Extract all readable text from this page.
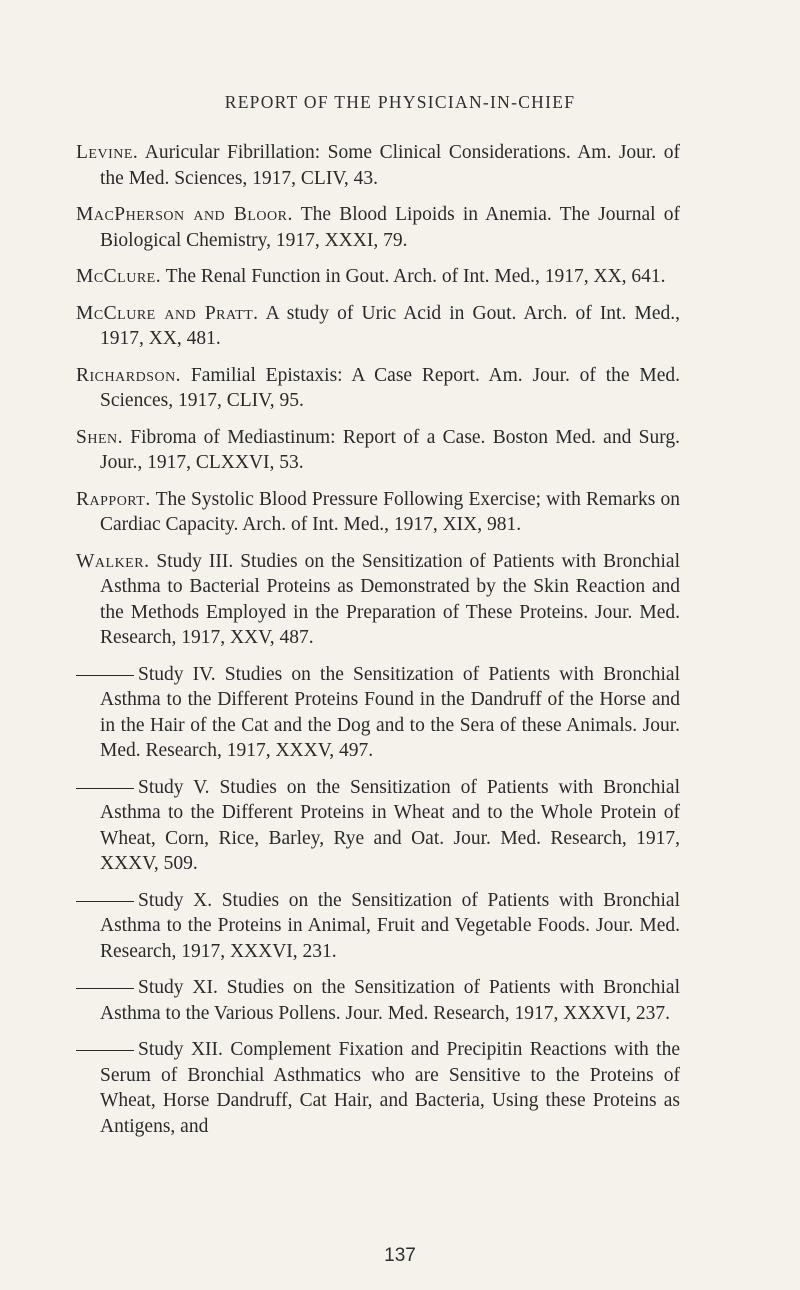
REPORT OF THE PHYSICIAN-IN-CHIEF

Levine. Auricular Fibrillation: Some Clinical Considerations. Am. Jour. of the Med. Sciences, 1917, CLIV, 43.

MacPherson and Bloor. The Blood Lipoids in Anemia. The Journal of Biological Chemistry, 1917, XXXI, 79.

McClure. The Renal Function in Gout. Arch. of Int. Med., 1917, XX, 641.

McClure and Pratt. A study of Uric Acid in Gout. Arch. of Int. Med., 1917, XX, 481.

Richardson. Familial Epistaxis: A Case Report. Am. Jour. of the Med. Sciences, 1917, CLIV, 95.

Shen. Fibroma of Mediastinum: Report of a Case. Boston Med. and Surg. Jour., 1917, CLXXVI, 53.

Rapport. The Systolic Blood Pressure Following Exercise; with Remarks on Cardiac Capacity. Arch. of Int. Med., 1917, XIX, 981.

Walker. Study III. Studies on the Sensitization of Patients with Bronchial Asthma to Bacterial Proteins as Demonstrated by the Skin Reaction and the Methods Employed in the Preparation of These Proteins. Jour. Med. Research, 1917, XXV, 487.

Study IV. Studies on the Sensitization of Patients with Bronchial Asthma to the Different Proteins Found in the Dandruff of the Horse and in the Hair of the Cat and the Dog and to the Sera of these Animals. Jour. Med. Research, 1917, XXXV, 497.

Study V. Studies on the Sensitization of Patients with Bronchial Asthma to the Different Proteins in Wheat and to the Whole Protein of Wheat, Corn, Rice, Barley, Rye and Oat. Jour. Med. Research, 1917, XXXV, 509.

Study X. Studies on the Sensitization of Patients with Bronchial Asthma to the Proteins in Animal, Fruit and Vegetable Foods. Jour. Med. Research, 1917, XXXVI, 231.

Study XI. Studies on the Sensitization of Patients with Bronchial Asthma to the Various Pollens. Jour. Med. Research, 1917, XXXVI, 237.

Study XII. Complement Fixation and Precipitin Reactions with the Serum of Bronchial Asthmatics who are Sensitive to the Proteins of Wheat, Horse Dandruff, Cat Hair, and Bacteria, Using these Proteins as Antigens, and

137
